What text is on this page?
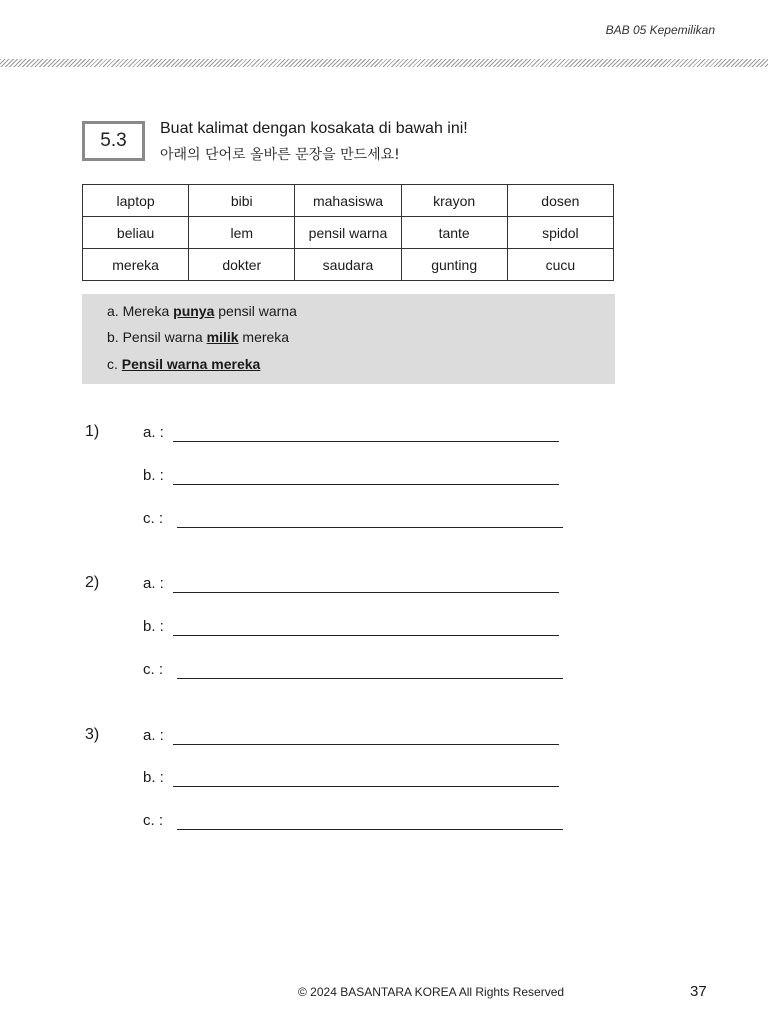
BAB 05 Kepemilikan
5.3
Buat kalimat dengan kosakata di bawah ini!
아래의 단어로 올바른 문장을 만드세요!
laptop	bibi	mahasiswa	krayon	dosen
beliau	lem	pensil warna	tante	spidol
mereka	dokter	saudara	gunting	cucu
a. Mereka punya pensil warna
b. Pensil warna milik mereka
c. Pensil warna mereka
1)	a. :
b. :
c. :
2)	a. :
b. :
c. :
3)	a. :
b. :
c. :
© 2024 BASANTARA KOREA All Rights Reserved	37
